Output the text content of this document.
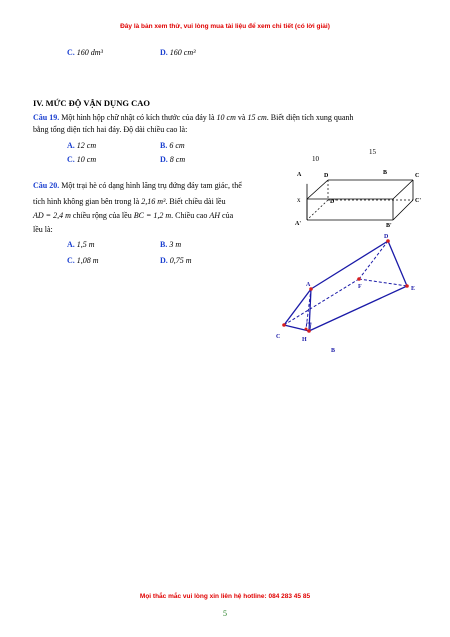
Đây là bản xem thử, vui lòng mua tài liệu để xem chi tiết (có lời giải)
C. 160 dm³	D. 160 cm³
IV. MỨC ĐỘ VẬN DỤNG CAO
Câu 19. Một hình hộp chữ nhật có kích thước của đáy là 10 cm và 15 cm. Biết diện tích xung quanh
bằng tổng diện tích hai đáy. Độ dài chiều cao là:
A. 12 cm	B. 6 cm
C. 10 cm	D. 8 cm
Câu 20. Một trại hè có dạng hình lăng trụ đứng đáy tam giác, thể
tích hình không gian bên trong là 2,16 m³. Biết chiều dài lều
AD = 2,4 m chiều rộng của lều BC = 1,2 m. Chiều cao AH của
lều là:
A. 1,5 m	B. 3 m
C. 1,08 m	D. 0,75 m
D	C
A	B
D'	C'
A'	B'
10
15
x
A
B
C
D
E
F
H
Mọi thắc mắc vui lòng xin liên hệ hotline: 084 283 45 85
5
